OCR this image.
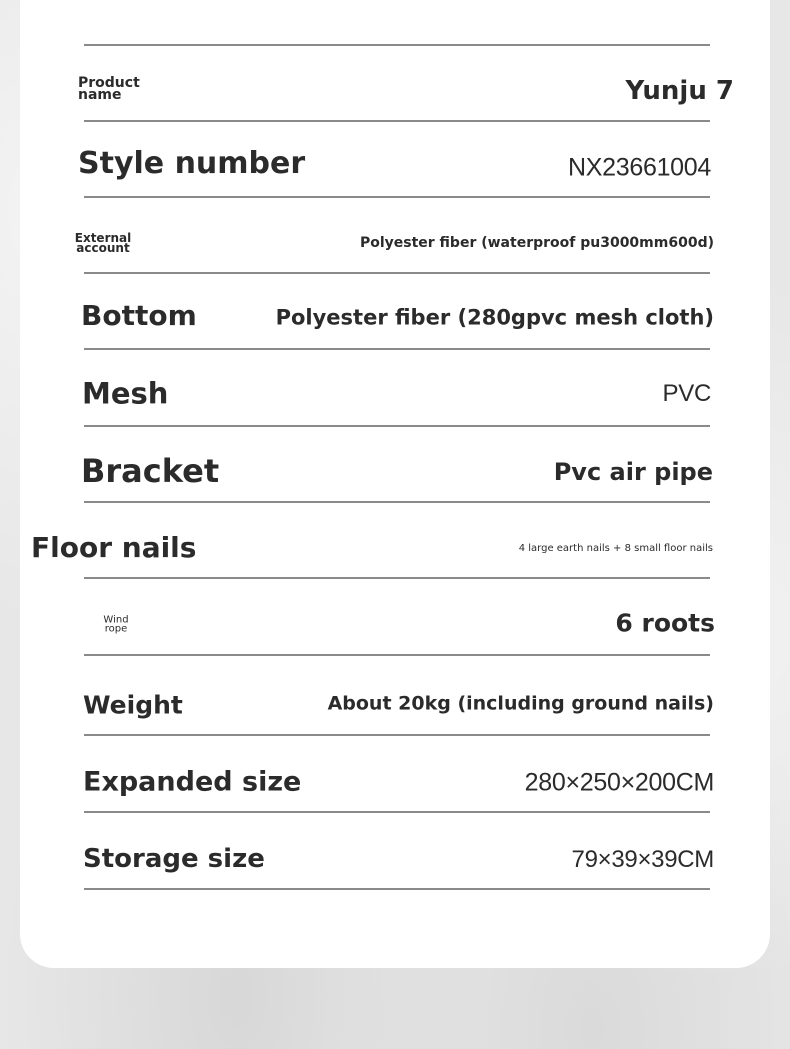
Product name	Yunju 7
Style number	NX23661004
External account	Polyester fiber (waterproof pu3000mm600d)
Bottom	Polyester fiber (280gpvc mesh cloth)
Mesh	PVC
Bracket	Pvc air pipe
Floor nails	4 large earth nails + 8 small floor nails
Wind rope	6 roots
Weight	About 20kg (including ground nails)
Expanded size	280×250×200CM
Storage size	79×39×39CM
